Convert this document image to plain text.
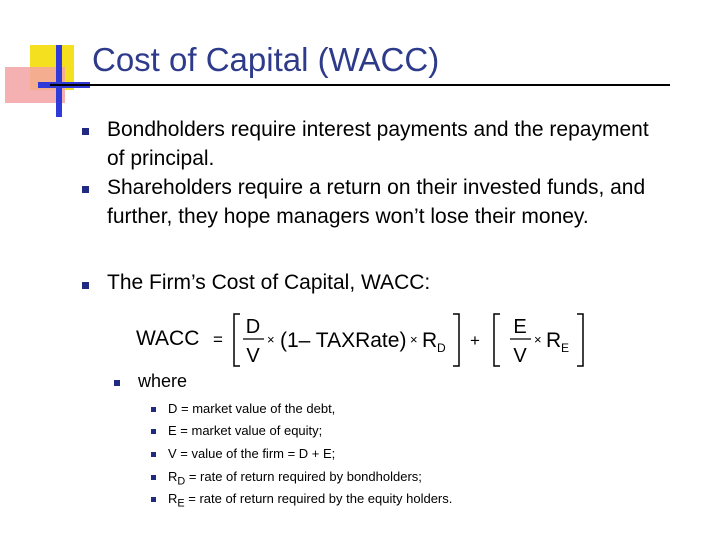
Cost of Capital (WACC)
Bondholders require interest payments and the repayment of principal.
Shareholders require a return on their invested funds, and further, they hope managers won’t lose their money.
The Firm’s Cost of Capital, WACC:
WACC =
D
V
× (1– TAXRate) × R D +
E
V
× R E
where
D = market value of the debt,
E = market value of equity;
V = value of the firm = D + E;
$R_D$ = rate of return required by bondholders;
$R_E$ = rate of return required by the equity holders.
